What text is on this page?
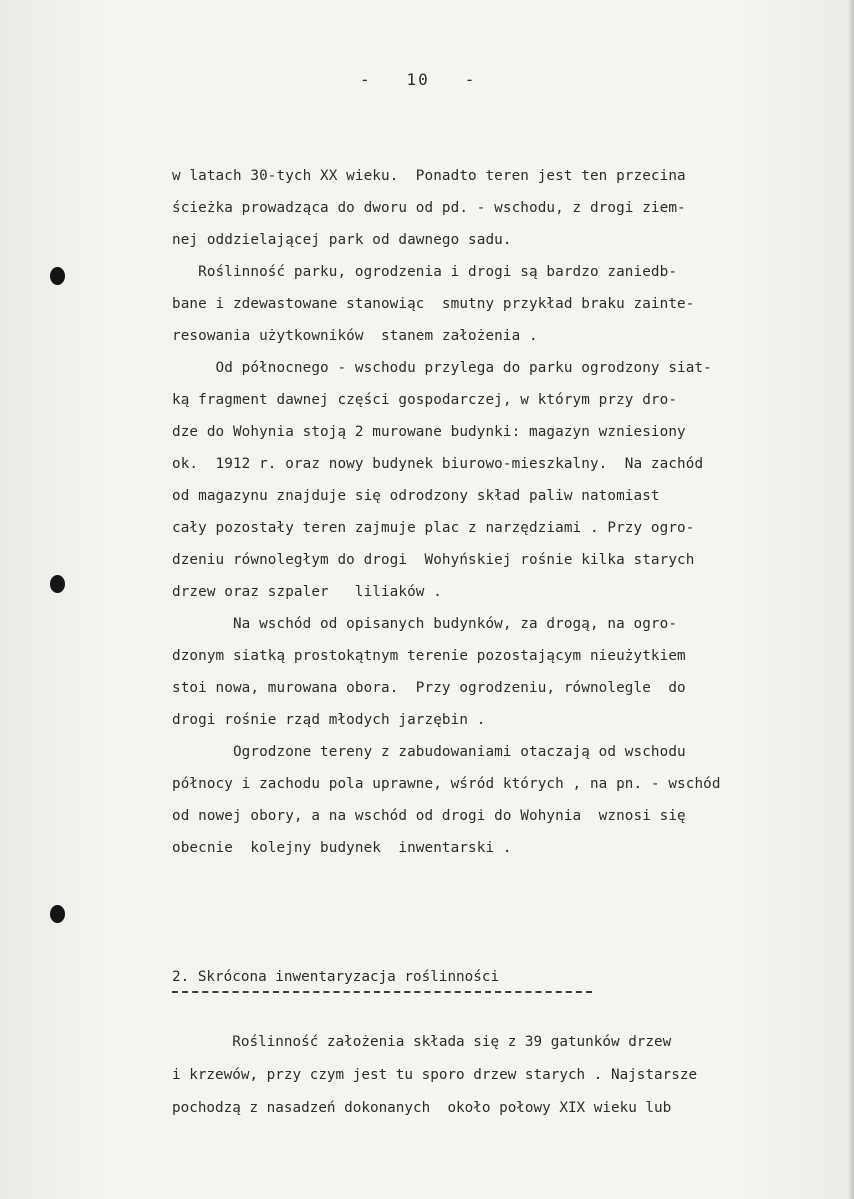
-   10   -
w latach 30-tych XX wieku.  Ponadto teren jest ten przecina
ścieżka prowadząca do dworu od pd. - wschodu, z drogi ziem-
nej oddzielającej park od dawnego sadu.
Roślinność parku, ogrodzenia i drogi są bardzo zaniedb-
bane i zdewastowane stanowiąc  smutny przykład braku zainte-
resowania użytkowników  stanem założenia .
Od północnego - wschodu przylega do parku ogrodzony siat-
ką fragment dawnej części gospodarczej, w którym przy dro-
dze do Wohynia stoją 2 murowane budynki: magazyn wzniesiony
ok.  1912 r. oraz nowy budynek biurowo-mieszkalny.  Na zachód
od magazynu znajduje się odrodzony skład paliw natomiast
cały pozostały teren zajmuje plac z narzędziami . Przy ogro-
dzeniu równoległym do drogi  Wohyńskiej rośnie kilka starych
drzew oraz szpaler   liliaków .
Na wschód od opisanych budynków, za drogą, na ogro-
dzonym siatką prostokątnym terenie pozostającym nieużytkiem
stoi nowa, murowana obora.  Przy ogrodzeniu, równolegle  do
drogi rośnie rząd młodych jarzębin .
Ogrodzone tereny z zabudowaniami otaczają od wschodu
północy i zachodu pola uprawne, wśród których , na pn. - wschód
od nowej obory, a na wschód od drogi do Wohynia  wznosi się
obecnie  kolejny budynek  inwentarski .
2. Skrócona inwentaryzacja roślinności
Roślinność założenia składa się z 39 gatunków drzew
i krzewów, przy czym jest tu sporo drzew starych . Najstarsze
pochodzą z nasadzeń dokonanych  około połowy XIX wieku lub
